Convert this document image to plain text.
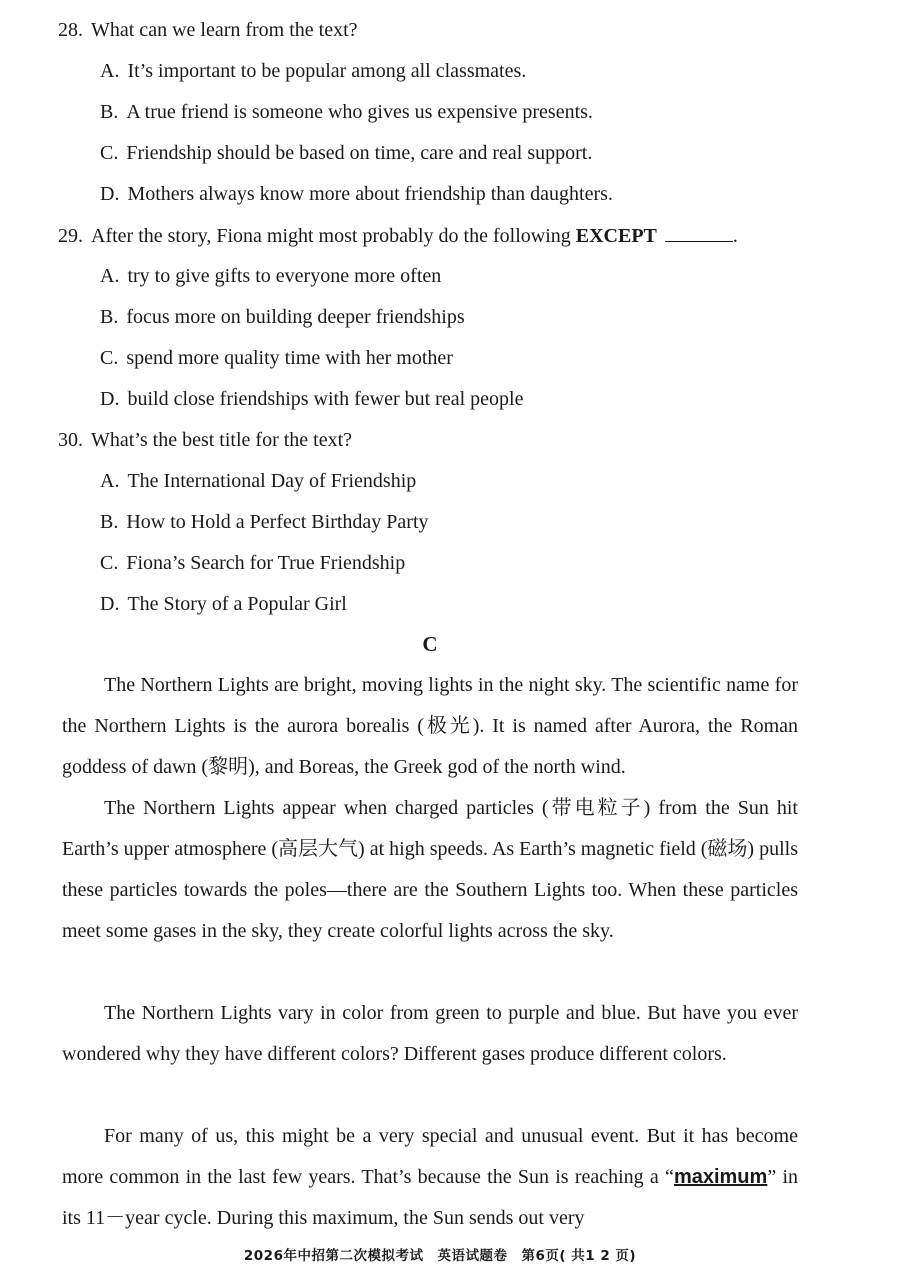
28. What can we learn from the text?
A. It’s important to be popular among all classmates.
B. A true friend is someone who gives us expensive presents.
C. Friendship should be based on time, care and real support.
D. Mothers always know more about friendship than daughters.
29. After the story, Fiona might most probably do the following EXCEPT	.
A. try to give gifts to everyone more often
B. focus more on building deeper friendships
C. spend more quality time with her mother
D. build close friendships with fewer but real people
30. What’s the best title for the text?
A. The International Day of Friendship
B. How to Hold a Perfect Birthday Party
C. Fiona’s Search for True Friendship
D. The Story of a Popular Girl
C
The Northern Lights are bright, moving lights in the night sky. The scientific name for the Northern Lights is the aurora borealis (极光). It is named after Aurora, the Roman goddess of dawn (黎明), and Boreas, the Greek god of the north wind.
The Northern Lights appear when charged particles (带电粒子) from the Sun hit Earth’s upper atmosphere (高层大气) at high speeds. As Earth’s magnetic field (磁场) pulls these particles towards the poles—there are the Southern Lights too. When these particles meet some gases in the sky, they create colorful lights across the sky.
The Northern Lights vary in color from green to purple and blue. But have you ever wondered why they have different colors? Different gases produce different colors.
For many of us, this might be a very special and unusual event. But it has become more common in the last few years. That’s because the Sun is reaching a “maximum” in its 11－year cycle. During this maximum, the Sun sends out very
2026年中招第二次模拟考试　英语试题卷　第6页( 共1 2 页)
